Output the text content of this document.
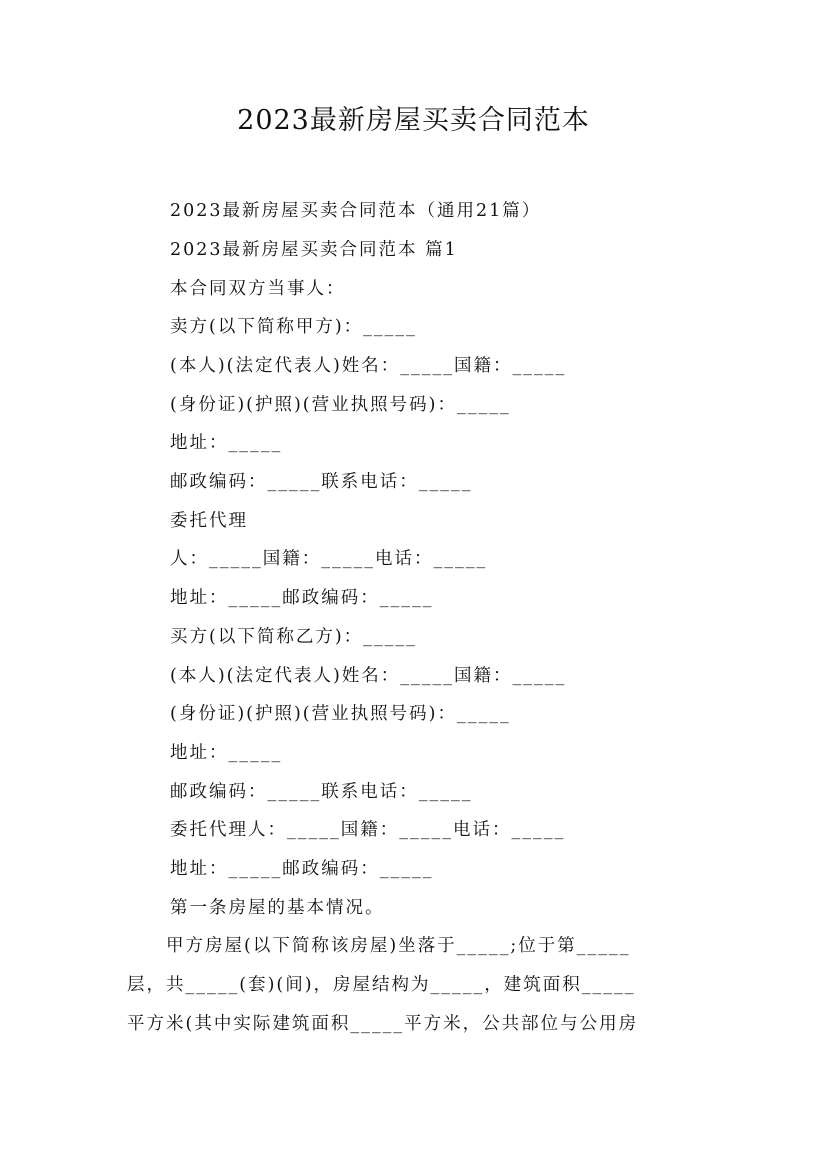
2023最新房屋买卖合同范本
2023最新房屋买卖合同范本（通用21篇）
2023最新房屋买卖合同范本 篇1
本合同双方当事人：
卖方(以下简称甲方)：_____
(本人)(法定代表人)姓名：_____国籍：_____
(身份证)(护照)(营业执照号码)：_____
地址：_____
邮政编码：_____联系电话：_____
委托代理
人：_____国籍：_____电话：_____
地址：_____邮政编码：_____
买方(以下简称乙方)：_____
(本人)(法定代表人)姓名：_____国籍：_____
(身份证)(护照)(营业执照号码)：_____
地址：_____
邮政编码：_____联系电话：_____
委托代理人：_____国籍：_____电话：_____
地址：_____邮政编码：_____
第一条房屋的基本情况。
　　甲方房屋(以下简称该房屋)坐落于_____;位于第_____
层，共_____(套)(间)，房屋结构为_____，建筑面积_____
平方米(其中实际建筑面积_____平方米，公共部位与公用房
